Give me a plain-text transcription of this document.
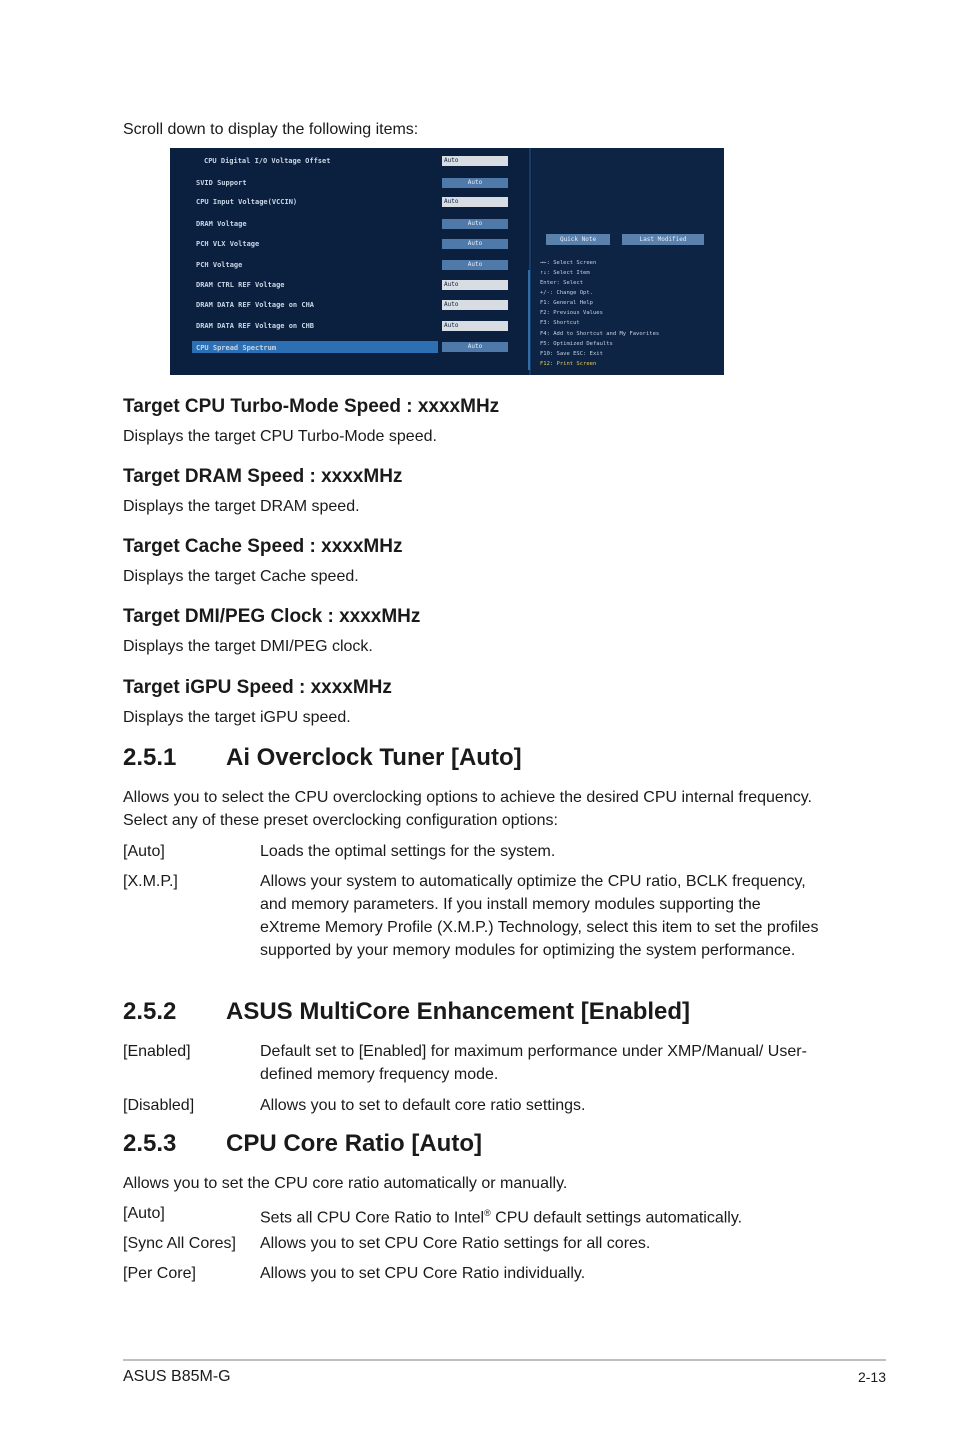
Scroll down to display the following items:
CPU Digital I/O Voltage Offset	Auto
SVID Support	Auto
CPU Input Voltage(VCCIN)	Auto
DRAM Voltage	Auto
PCH VLX Voltage	Auto
PCH Voltage	Auto
DRAM CTRL REF Voltage	Auto
DRAM DATA REF Voltage on CHA	Auto
DRAM DATA REF Voltage on CHB	Auto
CPU Spread Spectrum	Auto
Quick Note	Last Modified
→←: Select Screen
↑↓: Select Item
Enter: Select
+/-: Change Opt.
F1: General Help
F2: Previous Values
F3: Shortcut
F4: Add to Shortcut and My Favorites
F5: Optimized Defaults
F10: Save ESC: Exit
F12: Print Screen
Target CPU Turbo-Mode Speed : xxxxMHz
Displays the target CPU Turbo-Mode speed.
Target DRAM Speed : xxxxMHz
Displays the target DRAM speed.
Target Cache Speed : xxxxMHz
Displays the target Cache speed.
Target DMI/PEG Clock : xxxxMHz
Displays the target DMI/PEG clock.
Target iGPU Speed : xxxxMHz
Displays the target iGPU speed.
2.5.1 Ai Overclock Tuner [Auto]
Allows you to select the CPU overclocking options to achieve the desired CPU internal frequency. Select any of these preset overclocking configuration options:
[Auto]	Loads the optimal settings for the system.
[X.M.P.]	Allows your system to automatically optimize the CPU ratio, BCLK frequency, and memory parameters. If you install memory modules supporting the eXtreme Memory Profile (X.M.P.) Technology, select this item to set the profiles supported by your memory modules for optimizing the system performance.
2.5.2 ASUS MultiCore Enhancement [Enabled]
[Enabled]	Default set to [Enabled] for maximum performance under XMP/Manual/ User-defined memory frequency mode.
[Disabled]	Allows you to set to default core ratio settings.
2.5.3 CPU Core Ratio [Auto]
Allows you to set the CPU core ratio automatically or manually.
[Auto]	Sets all CPU Core Ratio to Intel® CPU default settings automatically.
[Sync All Cores] Allows you to set CPU Core Ratio settings for all cores.
[Per Core]	Allows you to set CPU Core Ratio individually.
ASUS B85M-G	2-13
